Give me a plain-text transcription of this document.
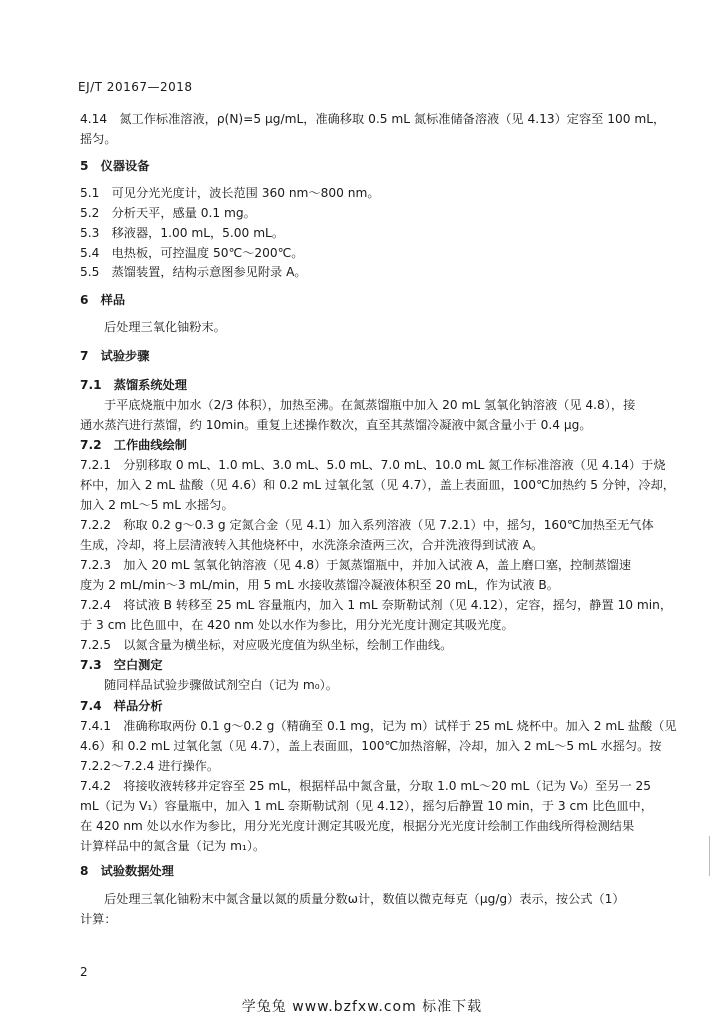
EJ/T 20167—2018
4.14　氮工作标准溶液，ρ(N)=5 μg/mL，准确移取 0.5 mL 氮标准储备溶液（见 4.13）定容至 100 mL，
摇匀。
5　仪器设备
5.1　可见分光光度计，波长范围 360 nm～800 nm。
5.2　分析天平，感量 0.1 mg。
5.3　移液器，1.00 mL，5.00 mL。
5.4　电热板，可控温度 50℃～200℃。
5.5　蒸馏装置，结构示意图参见附录 A。
6　样品
后处理三氧化铀粉末。
7　试验步骤
7.1　蒸馏系统处理
于平底烧瓶中加水（2/3 体积），加热至沸。在氮蒸馏瓶中加入 20 mL 氢氧化钠溶液（见 4.8），接
通水蒸汽进行蒸馏，约 10min。重复上述操作数次，直至其蒸馏冷凝液中氮含量小于 0.4 μg。
7.2　工作曲线绘制
7.2.1　分别移取 0 mL、1.0 mL、3.0 mL、5.0 mL、7.0 mL、10.0 mL 氮工作标准溶液（见 4.14）于烧
杯中，加入 2 mL 盐酸（见 4.6）和 0.2 mL 过氧化氢（见 4.7），盖上表面皿，100℃加热约 5 分钟，冷却，
加入 2 mL～5 mL 水摇匀。
7.2.2　称取 0.2 g～0.3 g 定氮合金（见 4.1）加入系列溶液（见 7.2.1）中，摇匀，160℃加热至无气体
生成，冷却，将上层清液转入其他烧杯中，水洗涤余渣两三次，合并洗液得到试液 A。
7.2.3　加入 20 mL 氢氧化钠溶液（见 4.8）于氮蒸馏瓶中，并加入试液 A，盖上磨口塞，控制蒸馏速
度为 2 mL/min～3 mL/min，用 5 mL 水接收蒸馏冷凝液体积至 20 mL，作为试液 B。
7.2.4　将试液 B 转移至 25 mL 容量瓶内，加入 1 mL 奈斯勒试剂（见 4.12），定容，摇匀，静置 10 min，
于 3 cm 比色皿中，在 420 nm 处以水作为参比，用分光光度计测定其吸光度。
7.2.5　以氮含量为横坐标，对应吸光度值为纵坐标，绘制工作曲线。
7.3　空白测定
随同样品试验步骤做试剂空白（记为 m₀）。
7.4　样品分析
7.4.1　准确称取两份 0.1 g～0.2 g（精确至 0.1 mg，记为 m）试样于 25 mL 烧杯中。加入 2 mL 盐酸（见
4.6）和 0.2 mL 过氧化氢（见 4.7），盖上表面皿，100℃加热溶解，冷却，加入 2 mL～5 mL 水摇匀。按
7.2.2～7.2.4 进行操作。
7.4.2　将接收液转移并定容至 25 mL，根据样品中氮含量，分取 1.0 mL～20 mL（记为 V₀）至另一 25
mL（记为 V₁）容量瓶中，加入 1 mL 奈斯勒试剂（见 4.12），摇匀后静置 10 min，于 3 cm 比色皿中，
在 420 nm 处以水作为参比，用分光光度计测定其吸光度，根据分光光度计绘制工作曲线所得检测结果
计算样品中的氮含量（记为 m₁）。
8　试验数据处理
后处理三氧化铀粉末中氮含量以氮的质量分数ω计，数值以微克每克（μg/g）表示，按公式（1）
计算：
2
学兔兔 www.bzfxw.com 标准下载
